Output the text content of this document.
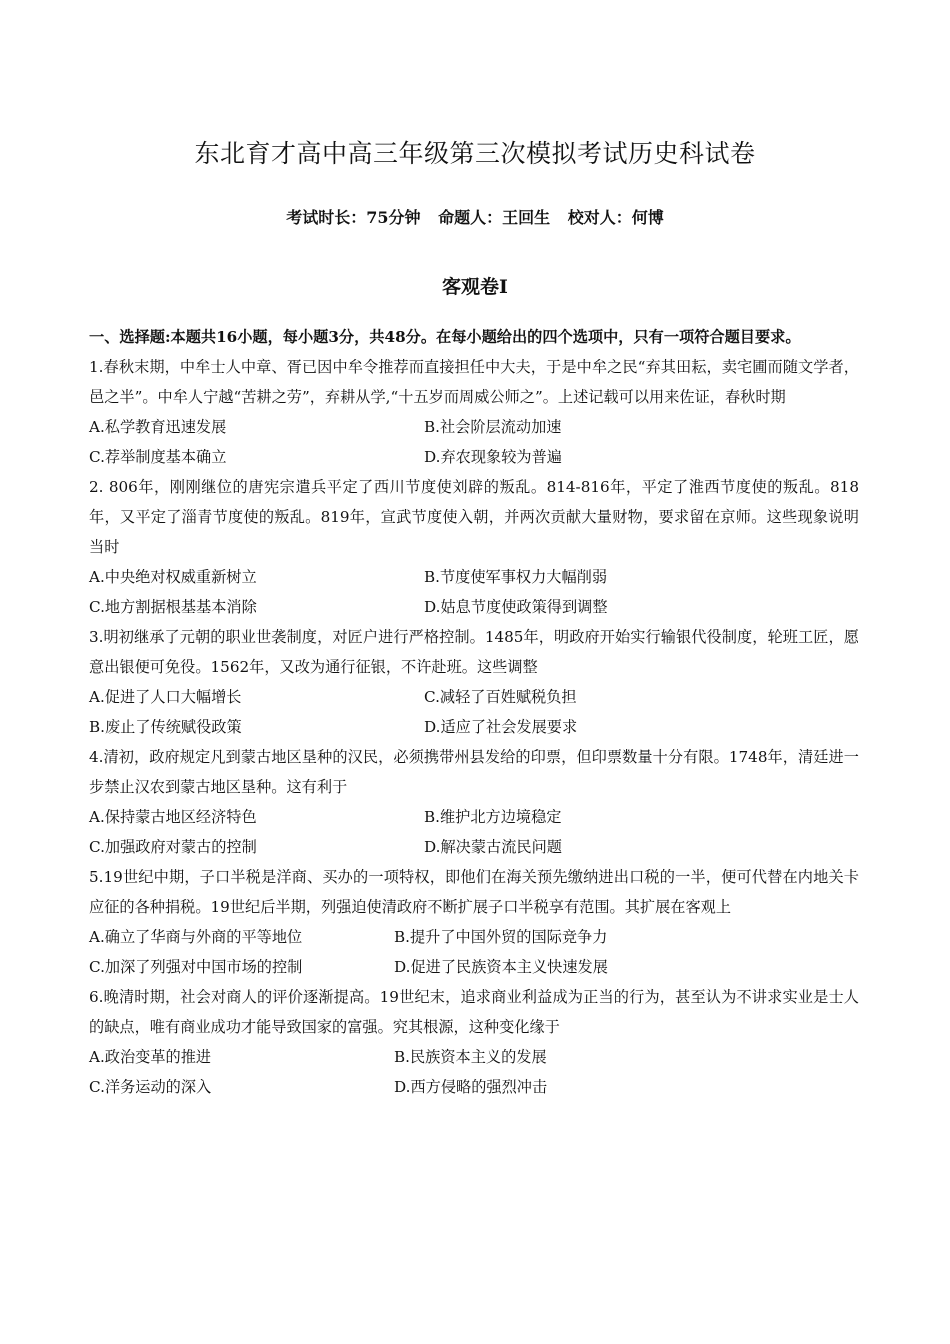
东北育才高中高三年级第三次模拟考试历史科试卷
考试时长：75分钟 命题人：王回生 校对人：何博
客观卷Ⅰ

一、选择题:本题共16小题，每小题3分，共48分。在每小题给出的四个选项中，只有一项符合题目要求。

1.春秋末期，中牟士人中章、胥已因中牟令推荐而直接担任中大夫，于是中牟之民“弃其田耘，卖宅圃而随文学者，邑之半”。中牟人宁越“苦耕之劳”，弃耕从学,“十五岁而周威公师之”。上述记载可以用来佐证，春秋时期

A.私学教育迅速发展	B.社会阶层流动加速
C.荐举制度基本确立	D.弃农现象较为普遍

2. 806年，刚刚继位的唐宪宗遣兵平定了西川节度使刘辟的叛乱。814-816年，平定了淮西节度使的叛乱。818年，又平定了淄青节度使的叛乱。819年，宣武节度使入朝，并两次贡献大量财物，要求留在京师。这些现象说明当时

A.中央绝对权威重新树立	B.节度使军事权力大幅削弱
C.地方割据根基基本消除	D.姑息节度使政策得到调整

3.明初继承了元朝的职业世袭制度，对匠户进行严格控制。1485年，明政府开始实行输银代役制度，轮班工匠，愿意出银便可免役。1562年，又改为通行征银，不许赴班。这些调整

A.促进了人口大幅增长	C.减轻了百姓赋税负担
B.废止了传统赋役政策	D.适应了社会发展要求

4.清初，政府规定凡到蒙古地区垦种的汉民，必须携带州县发给的印票，但印票数量十分有限。1748年，清廷进一步禁止汉农到蒙古地区垦种。这有利于

A.保持蒙古地区经济特色	B.维护北方边境稳定
C.加强政府对蒙古的控制	D.解决蒙古流民问题

5.19世纪中期，子口半税是洋商、买办的一项特权，即他们在海关预先缴纳进出口税的一半，便可代替在内地关卡应征的各种捐税。19世纪后半期，列强迫使清政府不断扩展子口半税享有范围。其扩展在客观上

A.确立了华商与外商的平等地位	B.提升了中国外贸的国际竞争力
C.加深了列强对中国市场的控制	D.促进了民族资本主义快速发展

6.晚清时期，社会对商人的评价逐渐提高。19世纪末，追求商业利益成为正当的行为，甚至认为不讲求实业是士人的缺点，唯有商业成功才能导致国家的富强。究其根源，这种变化缘于

A.政治变革的推进	B.民族资本主义的发展
C.洋务运动的深入	D.西方侵略的强烈冲击
